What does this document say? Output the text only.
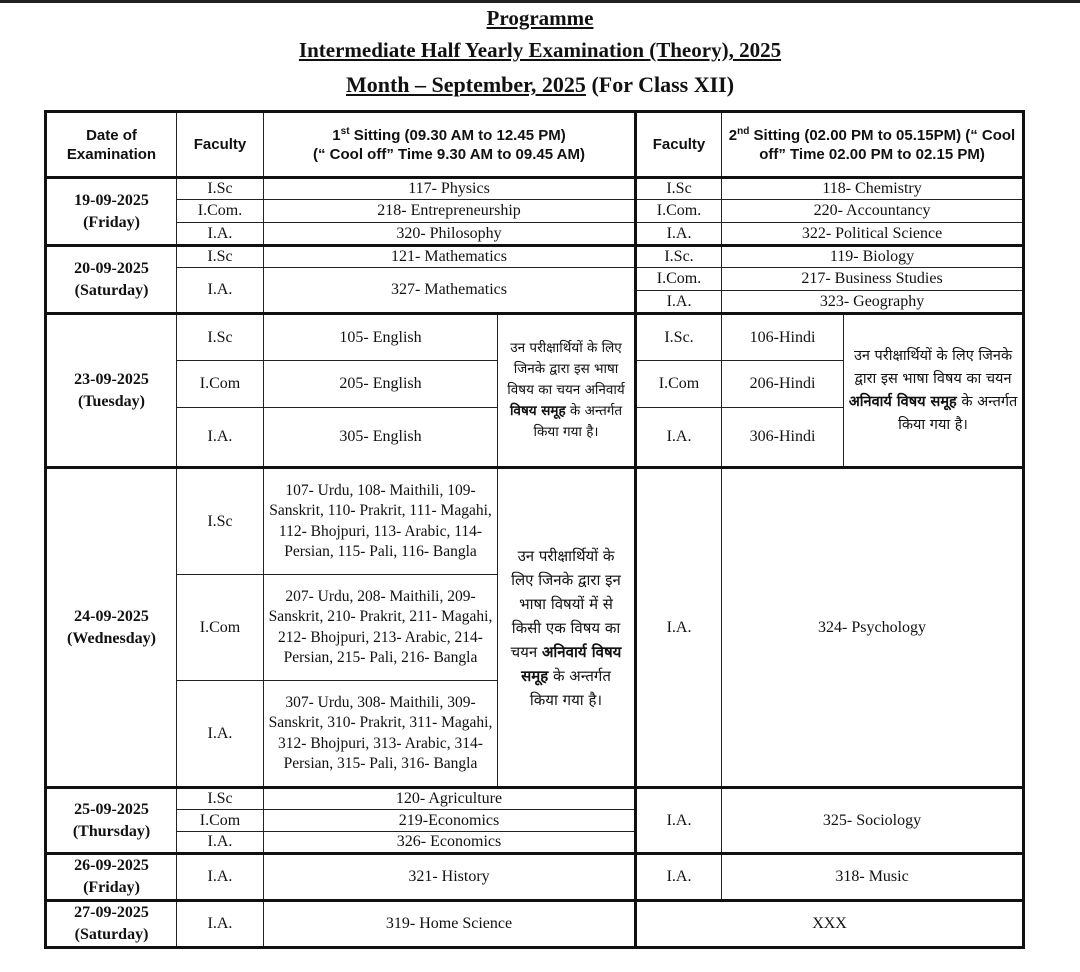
Programme
Intermediate Half Yearly Examination (Theory), 2025
Month – September, 2025 (For Class XII)
Date of Examination	Faculty	1st Sitting (09.30 AM to 12.45 PM)
(“ Cool off” Time 9.30 AM to 09.45 AM)		Faculty	2nd Sitting (02.00 PM to 05.15PM) (“ Cool off” Time 02.00 PM to 02.15 PM)	
19-09-2025
(Friday)	I.Sc	117- Physics		I.Sc	118- Chemistry	
	I.Com.	218- Entrepreneurship		I.Com.	220- Accountancy	
	I.A.	320- Philosophy		I.A.	322- Political Science	
20-09-2025
(Saturday)	I.Sc	121- Mathematics		I.Sc.	119- Biology	
	I.A.	327- Mathematics		I.Com.	217- Business Studies	
				I.A.	323- Geography	
23-09-2025
(Tuesday)	I.Sc	105- English	उन परीक्षार्थियों के लिए जिनके द्वारा इस भाषा विषय का चयन अनिवार्य विषय समूह के अन्तर्गत किया गया है।	I.Sc.	106-Hindi	उन परीक्षार्थियों के लिए जिनके द्वारा इस भाषा विषय का चयन अनिवार्य विषय समूह के अन्तर्गत किया गया है।
	I.Com	205- English		I.Com	206-Hindi	
	I.A.	305- English		I.A.	306-Hindi	
24-09-2025
(Wednesday)	I.Sc	107- Urdu, 108- Maithili, 109- Sanskrit, 110- Prakrit, 111- Magahi, 112- Bhojpuri, 113- Arabic, 114- Persian, 115- Pali, 116- Bangla	उन परीक्षार्थियों के लिए जिनके द्वारा इन भाषा विषयों में से किसी एक विषय का चयन अनिवार्य विषय समूह के अन्तर्गत किया गया है।	I.A.	324- Psychology	
	I.Com	207- Urdu, 208- Maithili, 209- Sanskrit, 210- Prakrit, 211- Magahi, 212- Bhojpuri, 213- Arabic, 214- Persian, 215- Pali, 216- Bangla				
	I.A.	307- Urdu, 308- Maithili, 309- Sanskrit, 310- Prakrit, 311- Magahi, 312- Bhojpuri, 313- Arabic, 314- Persian, 315- Pali, 316- Bangla				
25-09-2025
(Thursday)	I.Sc	120- Agriculture		I.A.	325- Sociology	
	I.Com	219-Economics				
	I.A.	326- Economics				
26-09-2025
(Friday)	I.A.	321- History		I.A.	318- Music	
27-09-2025
(Saturday)	I.A.	319- Home Science		XXX		
